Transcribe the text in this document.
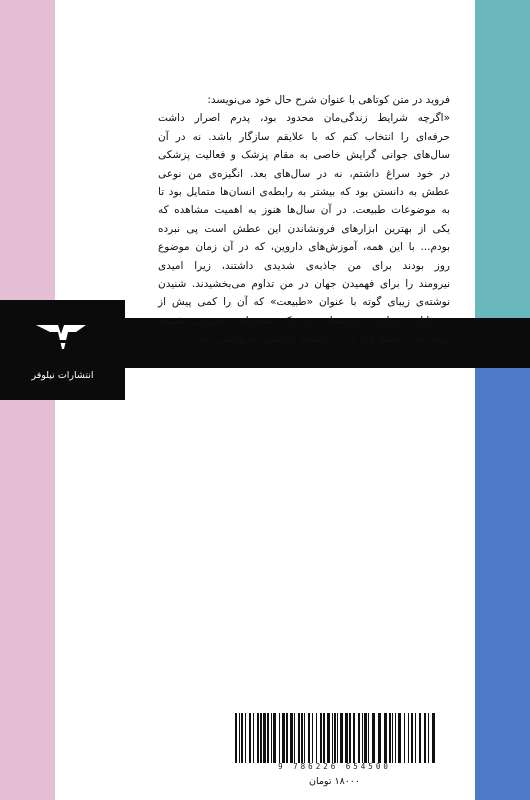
انتشارات نیلوفر

فروید در متن کوتاهی با عنوان شرح حال خود می‌نویسد:

«اگرچه شرایط زندگی‌مان محدود بود، پدرم اصرار داشت

حرفه‌ای را انتخاب کنم که با علایقم سازگار باشد. نه در آن

سال‌های جوانی گرایش خاصی به مقام پزشک و فعالیت پزشکی

در خود سراغ داشتم، نه در سال‌های بعد. انگیزه‌ی من نوعی

عطش به دانستن بود که بیشتر به رابطه‌ی انسان‌ها متمایل بود تا

به موضوعات طبیعت. در آن سال‌ها هنوز به اهمیت مشاهده که

یکی از بهترین ابزارهای فرونشاندن این عطش است پی نبرده

بودم... با این همه، آموزش‌های داروین، که در آن زمان موضوع

روز بودند برای من جاذبه‌ی شدیدی داشتند، زیرا امیدی

نیرومند را برای فهمیدن جهان در من تداوم می‌بخشیدند. شنیدن

نوشته‌ی زیبای گوته با عنوان «طبیعت» که آن را کمی پیش از

به پایان رساندن دبیرستان در یک سخنرانی عمومی شنیده

بودم، مرا مصمم کرد که در رشته‌ی پزشکی نام‌نویسی کنم».

9 786226 654500
۱۸۰۰۰ تومان
